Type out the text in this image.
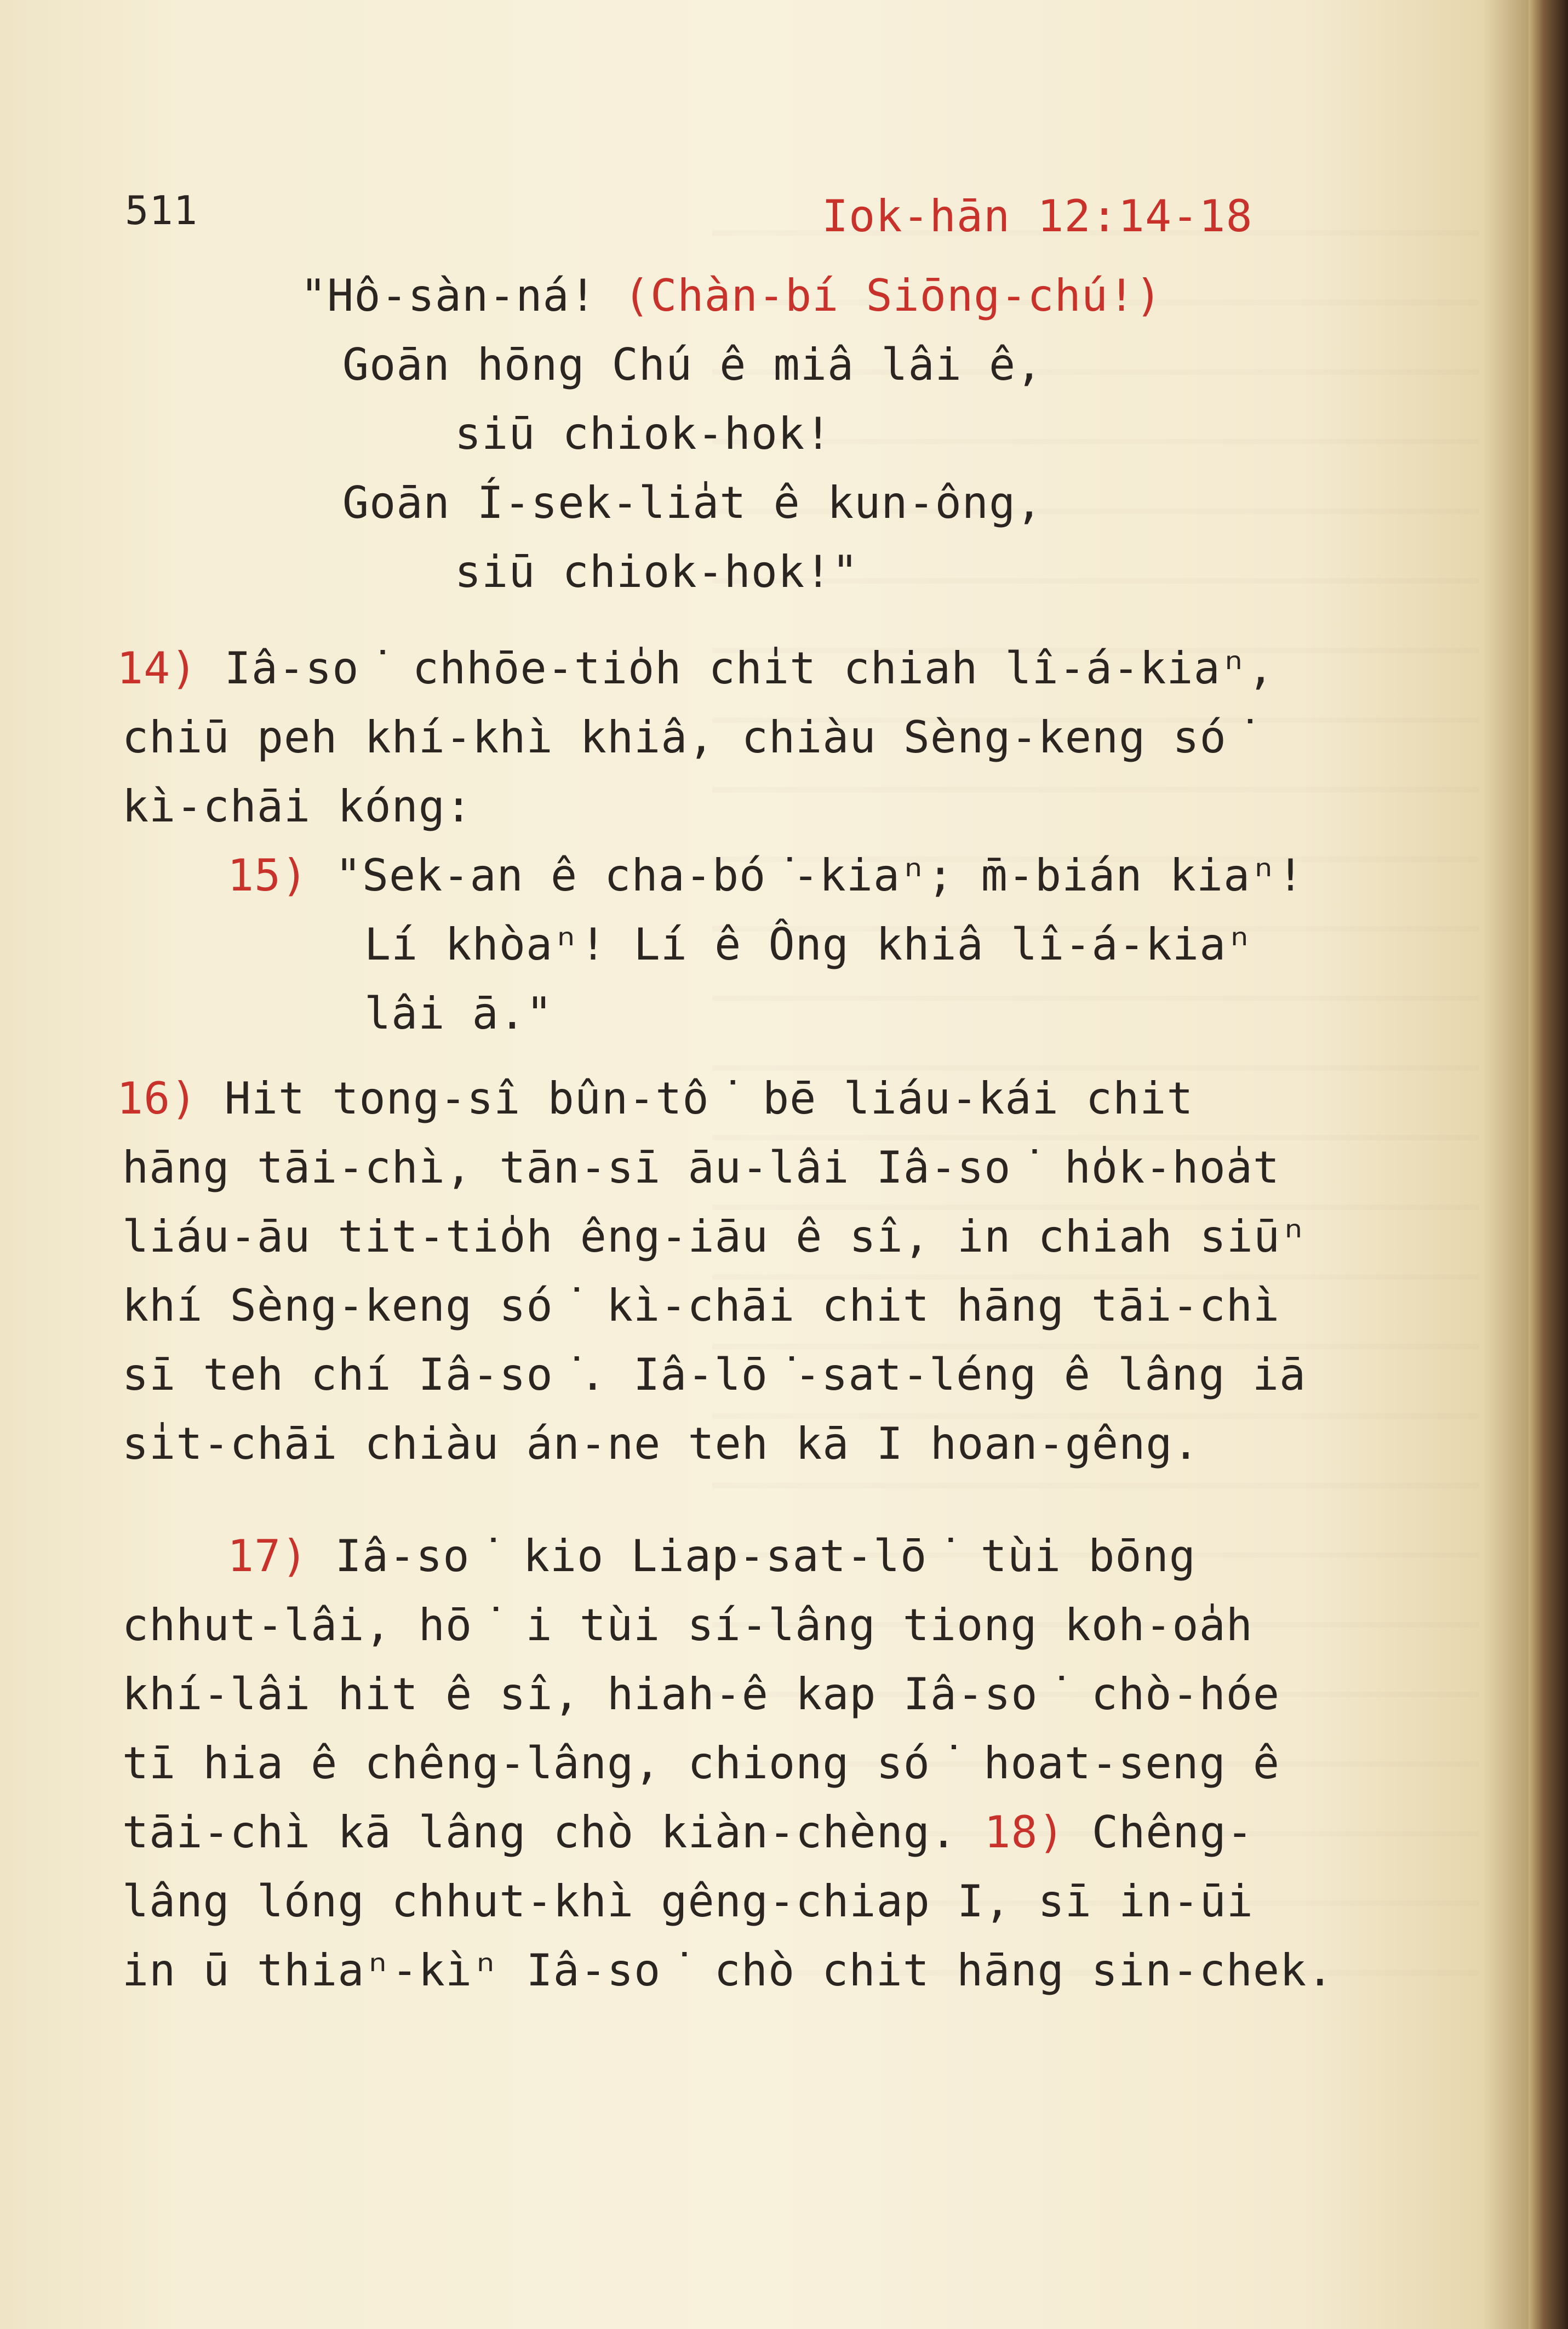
511	Iok-hān 12:14-18
"Hô-sàn-ná! (Chàn-bí Siōng-chú!)
Goān hōng Chú ê miâ lâi ê,
siū chiok-hok!
Goān Í-sek-lia̍t ê kun-ông,
siū chiok-hok!"
14) Iâ-so͘ chhōe-tio̍h chi̍t chiah lî-á-kiaⁿ,
chiū peh khí-khì khiâ, chiàu Sèng-keng só͘
kì-chāi kóng:
15) "Sek-an ê cha-bó͘-kiaⁿ; m̄-bián kiaⁿ!
Lí khòaⁿ! Lí ê Ông khiâ lî-á-kiaⁿ
lâi ā."
16) Hit tong-sî bûn-tô͘ bē liáu-kái chit
hāng tāi-chì, tān-sī āu-lâi Iâ-so͘ ho̍k-hoa̍t
liáu-āu tit-tio̍h êng-iāu ê sî, in chiah siūⁿ
khí Sèng-keng só͘ kì-chāi chit hāng tāi-chì
sī teh chí Iâ-so͘. Iâ-lō͘-sat-léng ê lâng iā
si̍t-chāi chiàu án-ne teh kā I hoan-gêng.
17) Iâ-so͘ kio Liap-sat-lō͘ tùi bōng
chhut-lâi, hō͘ i tùi sí-lâng tiong koh-oa̍h
khí-lâi hit ê sî, hiah-ê kap Iâ-so͘ chò-hóe
tī hia ê chêng-lâng, chiong só͘ hoat-seng ê
tāi-chì kā lâng chò kiàn-chèng. 18) Chêng-
lâng lóng chhut-khì gêng-chiap I, sī in-ūi
in ū thiaⁿ-kìⁿ Iâ-so͘ chò chit hāng sin-chek.
